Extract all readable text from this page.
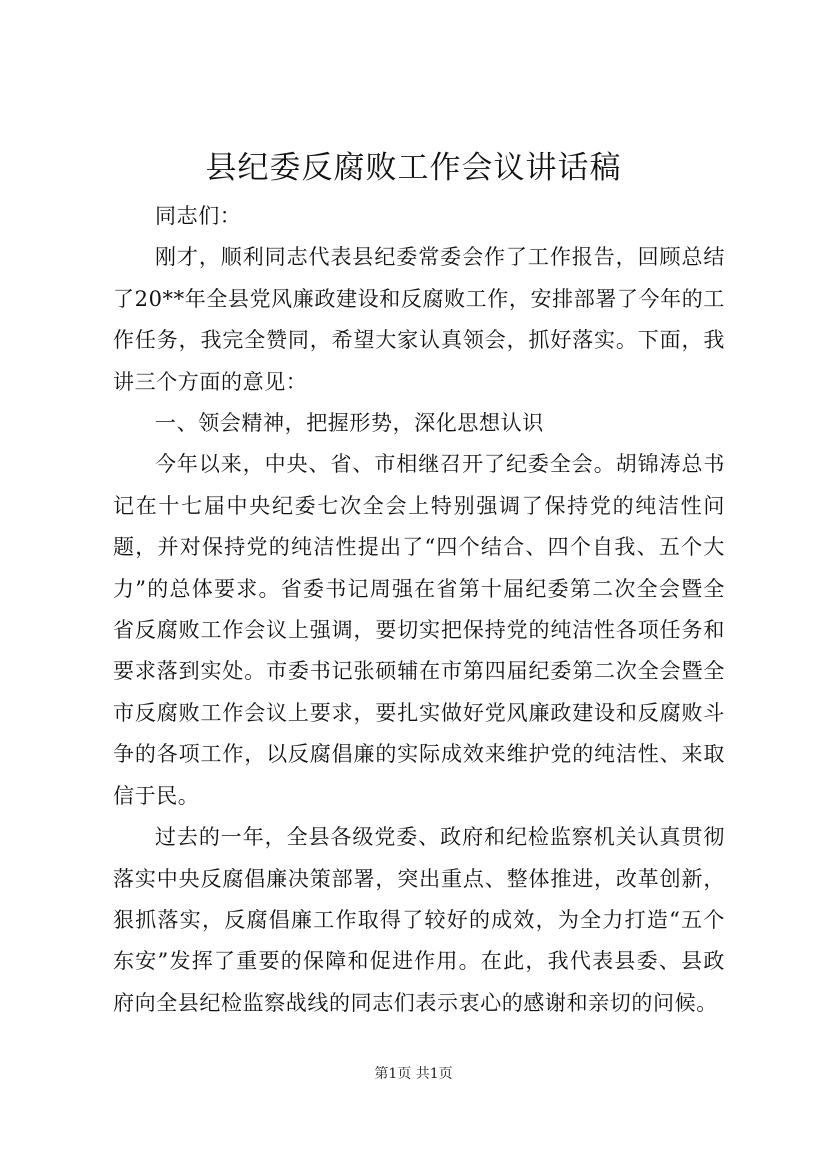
县纪委反腐败工作会议讲话稿

同志们：

刚才，顺利同志代表县纪委常委会作了工作报告，回顾总结了20**年全县党风廉政建设和反腐败工作，安排部署了今年的工作任务，我完全赞同，希望大家认真领会，抓好落实。下面，我讲三个方面的意见：

一、领会精神，把握形势，深化思想认识

今年以来，中央、省、市相继召开了纪委全会。胡锦涛总书记在十七届中央纪委七次全会上特别强调了保持党的纯洁性问题，并对保持党的纯洁性提出了“四个结合、四个自我、五个大力”的总体要求。省委书记周强在省第十届纪委第二次全会暨全省反腐败工作会议上强调，要切实把保持党的纯洁性各项任务和要求落到实处。市委书记张硕辅在市第四届纪委第二次全会暨全市反腐败工作会议上要求，要扎实做好党风廉政建设和反腐败斗争的各项工作，以反腐倡廉的实际成效来维护党的纯洁性、来取信于民。

过去的一年，全县各级党委、政府和纪检监察机关认真贯彻落实中央反腐倡廉决策部署，突出重点、整体推进，改革创新，狠抓落实，反腐倡廉工作取得了较好的成效，为全力打造“五个东安”发挥了重要的保障和促进作用。在此，我代表县委、县政府向全县纪检监察战线的同志们表示衷心的感谢和亲切的问候。

第1页 共1页
